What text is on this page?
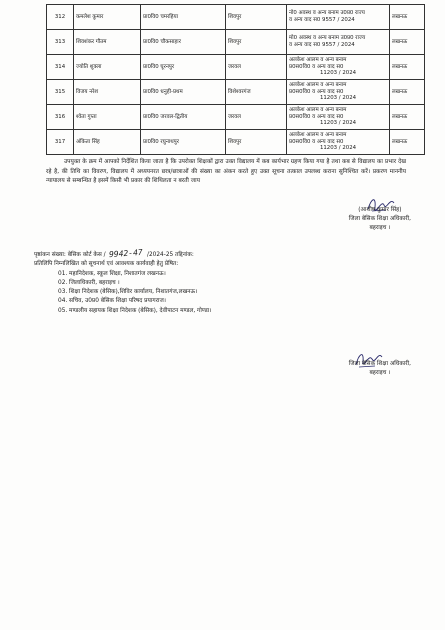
312	कमलेश कुमार	प्रा0वि0 चमरहिया	शिवपुर	नो0 अवस्थ व अन्य बनाम उ0प्र0 राज्य
व अन्य वाद स0 9557 / 2024	लखनऊ
313	शिवशंकर गौतम	प्रा0वि0 चौकसाहार	शिवपुर	मो0 अवस्थ व अन्य बनाम उ0प्र0 राज्य
व अन्य वाद स0 9557 / 2024	लखनऊ
314	ज्योति शुक्ला	प्रा0वि0 घूरनपुर	जरवल	अलकेश आलम व अन्य बनाम
प्र0स0वि0 व अन्य वाद स0
11203 / 2024	लखनऊ
315	विजय नरेश	प्रा0वि0 धनुही-प्रथम	विशेश्वरगंज	अलकेश आलम व अन्य बनाम
प्र0स0वि0 व अन्य वाद स0
11203 / 2024	लखनऊ
316	श्वेता गुप्ता	प्रा0वि0 जरवल-द्वितीय	जरवल	अलकेश आलम व अन्य बनाम
प्र0स0वि0 व अन्य वाद स0
11203 / 2024	लखनऊ
317	अंकिता सिंह	प्रा0वि0 रघुनाथपुर	शिवपुर	अलकेश आलम व अन्य बनाम
प्र0स0वि0 व अन्य वाद स0
11203 / 2024	लखनऊ

उपयुक्त के क्रम में आपको निर्देशित किया जाता है कि उपरोक्त शिक्षकों द्वारा उक्त विद्यालय में कब कार्यभार ग्रहण किया गया है तथा कब से विद्यालय का प्रभार देख रहे है, की तिथि का विवरण, विद्यालय में अध्ययनरत छात्र/छात्राओं की संख्या का अंकन करते हुए उक्त सूचना तत्काल उपलब्ध कराना सुनिश्चित करें। प्रकरण माननीय न्यायालय से सम्बन्धित है इसमें किसी भी प्रकार की शिथिलता न बरती जाय

(आशीष कुमार सिंह)
जिला बेसिक शिक्षा अधिकारी,
बहराइच ।
पृष्ठांकन संख्या: बेसिक कोर्ट केस / 9942-47 /2024-25 तद्दिनांक:
प्रतिलिपि निम्नलिखित को सूचनार्थ एवं आवश्यक कार्यवाही हेतु प्रेषित:
01. महानिदेशक, स्कूल शिक्षा, निशातगंज लखनऊ।
02. जिलाधिकारी, बहराइच ।
03. शिक्षा निदेशक (बेसिक),शिविर कार्यालय, निशातगंज,लखनऊ।
04. सचिव, उ0प्र0 बेसिक शिक्षा परिषद प्रयागराज।
05. मण्डलीय सहायक शिक्षा निदेशक (बेसिक), देवीपाटन मण्डल, गोण्डा।
जिला बेसिक शिक्षा अधिकारी,
बहराइच ।
